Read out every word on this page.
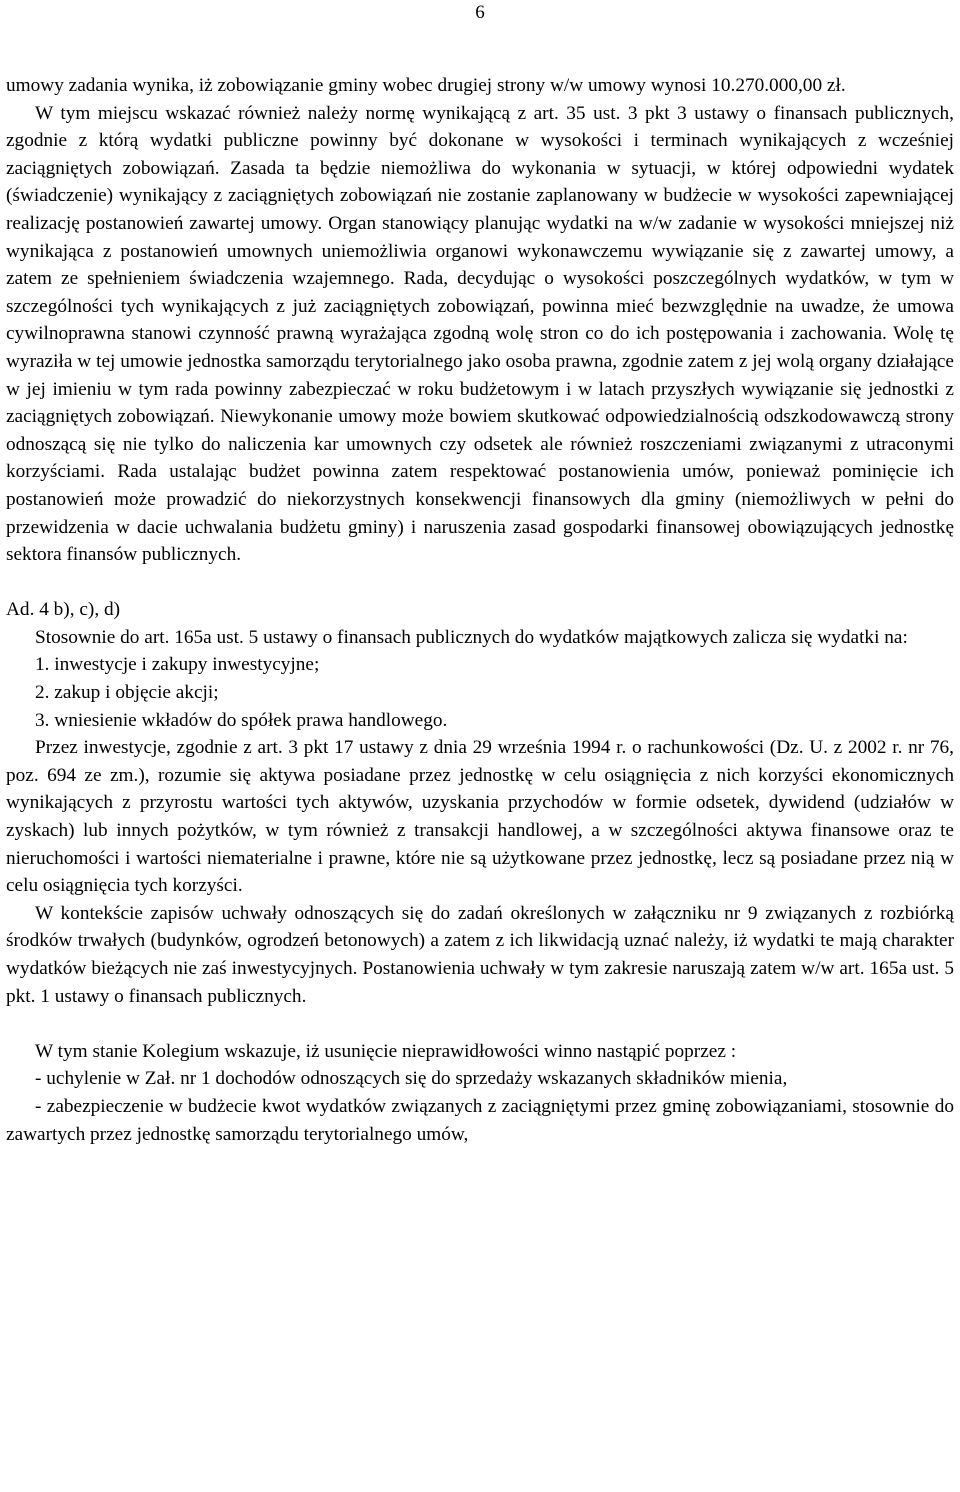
6

umowy zadania wynika, iż zobowiązanie gminy wobec drugiej strony w/w umowy wynosi 10.270.000,00 zł.

W tym miejscu wskazać również należy normę wynikającą z art. 35 ust. 3 pkt 3 ustawy o finansach publicznych, zgodnie z którą wydatki publiczne powinny być dokonane w wysokości i terminach wynikających z wcześniej zaciągniętych zobowiązań. Zasada ta będzie niemożliwa do wykonania w sytuacji, w której odpowiedni wydatek (świadczenie) wynikający z zaciągniętych zobowiązań nie zostanie zaplanowany w budżecie w wysokości zapewniającej realizację postanowień zawartej umowy. Organ stanowiący planując wydatki na w/w zadanie w wysokości mniejszej niż wynikająca z postanowień umownych uniemożliwia organowi wykonawczemu wywiązanie się z zawartej umowy, a zatem ze spełnieniem świadczenia wzajemnego. Rada, decydując o wysokości poszczególnych wydatków, w tym w szczególności tych wynikających z już zaciągniętych zobowiązań, powinna mieć bezwzględnie na uwadze, że umowa cywilnoprawna stanowi czynność prawną wyrażająca zgodną wolę stron co do ich postępowania i zachowania. Wolę tę wyraziła w tej umowie jednostka samorządu terytorialnego jako osoba prawna, zgodnie zatem z jej wolą organy działające w jej imieniu w tym rada powinny zabezpieczać w roku budżetowym i w latach przyszłych wywiązanie się jednostki z zaciągniętych zobowiązań. Niewykonanie umowy może bowiem skutkować odpowiedzialnością odszkodowawczą strony odnoszącą się nie tylko do naliczenia kar umownych czy odsetek ale również roszczeniami związanymi z utraconymi korzyściami. Rada ustalając budżet powinna zatem respektować postanowienia umów, ponieważ pominięcie ich postanowień może prowadzić do niekorzystnych konsekwencji finansowych dla gminy (niemożliwych w pełni do przewidzenia w dacie uchwalania budżetu gminy) i naruszenia zasad gospodarki finansowej obowiązujących jednostkę sektora finansów publicznych.

Ad. 4 b), c), d)

Stosownie do art. 165a ust. 5 ustawy o finansach publicznych do wydatków majątkowych zalicza się wydatki na:

1. inwestycje i zakupy inwestycyjne;

2. zakup i objęcie akcji;

3. wniesienie wkładów do spółek prawa handlowego.

Przez inwestycje, zgodnie z art. 3 pkt 17 ustawy z dnia 29 września 1994 r. o rachunkowości (Dz. U. z 2002 r. nr 76, poz. 694 ze zm.), rozumie się aktywa posiadane przez jednostkę w celu osiągnięcia z nich korzyści ekonomicznych wynikających z przyrostu wartości tych aktywów, uzyskania przychodów w formie odsetek, dywidend (udziałów w zyskach) lub innych pożytków, w tym również z transakcji handlowej, a w szczególności aktywa finansowe oraz te nieruchomości i wartości niematerialne i prawne, które nie są użytkowane przez jednostkę, lecz są posiadane przez nią w celu osiągnięcia tych korzyści.

W kontekście zapisów uchwały odnoszących się do zadań określonych w załączniku nr 9 związanych z rozbiórką środków trwałych (budynków, ogrodzeń betonowych) a zatem z ich likwidacją uznać należy, iż wydatki te mają charakter wydatków bieżących nie zaś inwestycyjnych. Postanowienia uchwały w tym zakresie naruszają zatem w/w art. 165a ust. 5 pkt. 1 ustawy o finansach publicznych.

W tym stanie Kolegium wskazuje, iż usunięcie nieprawidłowości winno nastąpić poprzez :

- uchylenie w Zał. nr 1 dochodów odnoszących się do sprzedaży wskazanych składników mienia,

- zabezpieczenie w budżecie kwot wydatków związanych z zaciągniętymi przez gminę zobowiązaniami, stosownie do zawartych przez jednostkę samorządu terytorialnego umów,
